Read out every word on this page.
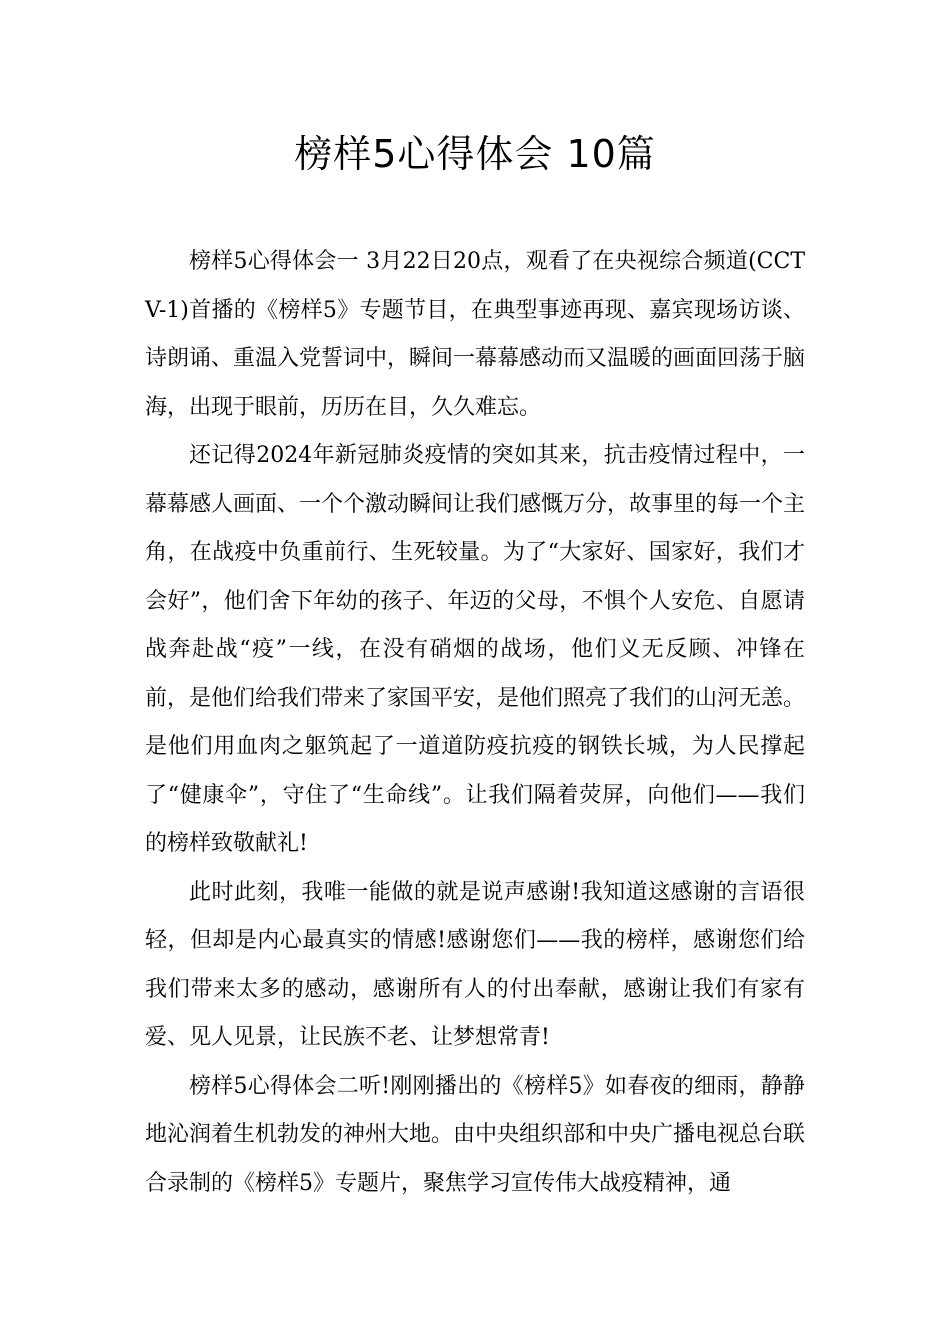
榜样5心得体会 10篇

榜样5心得体会一 3月22日20点，观看了在央视综合频道(CCTV-1)首播的《榜样5》专题节目，在典型事迹再现、嘉宾现场访谈、诗朗诵、重温入党誓词中，瞬间一幕幕感动而又温暖的画面回荡于脑海，出现于眼前，历历在目，久久难忘。

还记得2024年新冠肺炎疫情的突如其来，抗击疫情过程中，一幕幕感人画面、一个个激动瞬间让我们感慨万分，故事里的每一个主角，在战疫中负重前行、生死较量。为了“大家好、国家好，我们才会好”，他们舍下年幼的孩子、年迈的父母，不惧个人安危、自愿请战奔赴战“疫”一线，在没有硝烟的战场，他们义无反顾、冲锋在前，是他们给我们带来了家国平安，是他们照亮了我们的山河无恙。是他们用血肉之躯筑起了一道道防疫抗疫的钢铁长城，为人民撑起了“健康伞”，守住了“生命线”。让我们隔着荧屏，向他们——我们的榜样致敬献礼!

此时此刻，我唯一能做的就是说声感谢!我知道这感谢的言语很轻，但却是内心最真实的情感!感谢您们——我的榜样，感谢您们给我们带来太多的感动，感谢所有人的付出奉献，感谢让我们有家有爱、见人见景，让民族不老、让梦想常青!

榜样5心得体会二听!刚刚播出的《榜样5》如春夜的细雨，静静地沁润着生机勃发的神州大地。由中央组织部和中央广播电视总台联合录制的《榜样5》专题片，聚焦学习宣传伟大战疫精神，通
